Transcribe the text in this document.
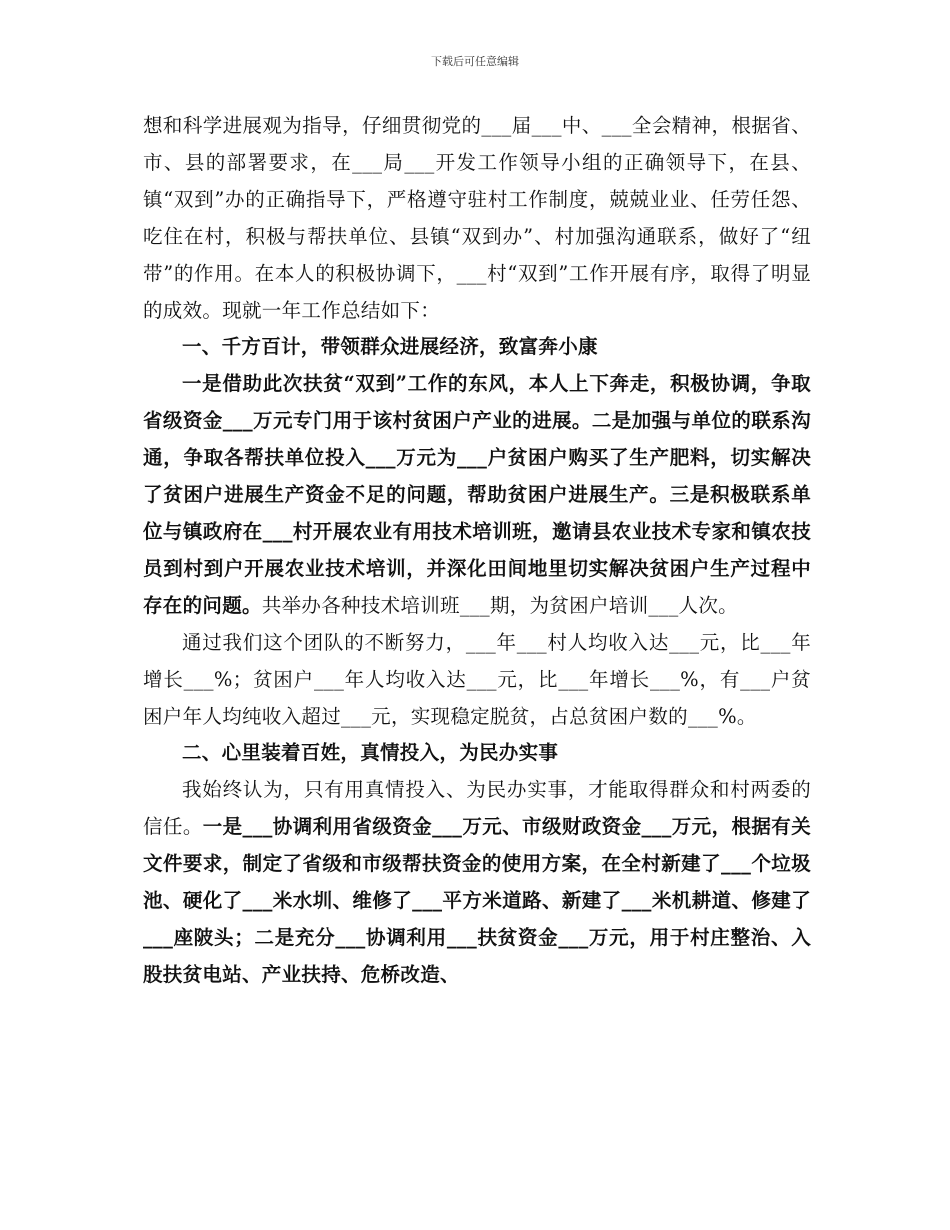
下载后可任意编辑

想和科学进展观为指导，仔细贯彻党的___届___中、___全会精神，根据省、市、县的部署要求，在___局___开发工作领导小组的正确领导下，在县、镇“双到”办的正确指导下，严格遵守驻村工作制度，兢兢业业、任劳任怨、吃住在村，积极与帮扶单位、县镇“双到办”、村加强沟通联系，做好了“纽带”的作用。在本人的积极协调下，___村“双到”工作开展有序，取得了明显的成效。现就一年工作总结如下：

一、千方百计，带领群众进展经济，致富奔小康

一是借助此次扶贫“双到”工作的东风，本人上下奔走，积极协调，争取省级资金___万元专门用于该村贫困户产业的进展。二是加强与单位的联系沟通，争取各帮扶单位投入___万元为___户贫困户购买了生产肥料，切实解决了贫困户进展生产资金不足的问题，帮助贫困户进展生产。三是积极联系单位与镇政府在___村开展农业有用技术培训班，邀请县农业技术专家和镇农技员到村到户开展农业技术培训，并深化田间地里切实解决贫困户生产过程中存在的问题。共举办各种技术培训班___期，为贫困户培训___人次。

通过我们这个团队的不断努力，___年___村人均收入达___元，比___年增长___%；贫困户___年人均收入达___元，比___年增长___%，有___户贫困户年人均纯收入超过___元，实现稳定脱贫，占总贫困户数的___%。

二、心里装着百姓，真情投入，为民办实事

我始终认为，只有用真情投入、为民办实事，才能取得群众和村两委的信任。一是___协调利用省级资金___万元、市级财政资金___万元，根据有关文件要求，制定了省级和市级帮扶资金的使用方案，在全村新建了___个垃圾池、硬化了___米水圳、维修了___平方米道路、新建了___米机耕道、修建了___座陂头；二是充分___协调利用___扶贫资金___万元，用于村庄整治、入股扶贫电站、产业扶持、危桥改造、
